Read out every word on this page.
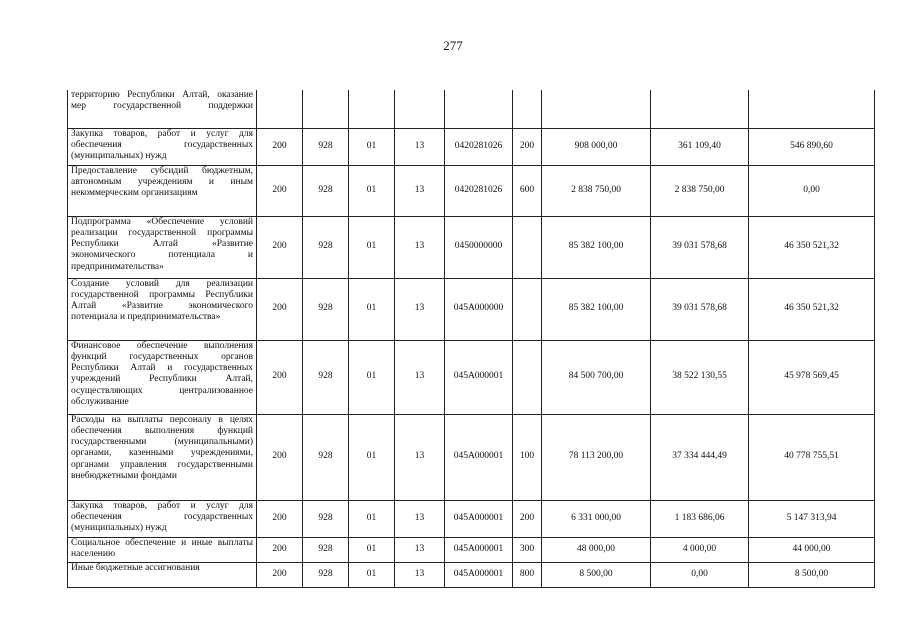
277
территорию Республики Алтай, оказание мер государственной поддержки									
Закупка товаров, работ и услуг для обеспечения государственных (муниципальных) нужд	200	928	01	13	0420281026	200	908 000,00	361 109,40	546 890,60
Предоставление субсидий бюджетным, автономным учреждениям и иным некоммерческим организациям	200	928	01	13	0420281026	600	2 838 750,00	2 838 750,00	0,00
Подпрограмма «Обеспечение условий реализации государственной программы Республики Алтай «Развитие экономического потенциала и предпринимательства»	200	928	01	13	0450000000		85 382 100,00	39 031 578,68	46 350 521,32
Создание условий для реализации государственной программы Республики Алтай «Развитие экономического потенциала и предпринимательства»	200	928	01	13	045А000000		85 382 100,00	39 031 578,68	46 350 521,32
Финансовое обеспечение выполнения функций государственных органов Республики Алтай и государственных учреждений Республики Алтай, осуществляющих централизованное обслуживание	200	928	01	13	045А000001		84 500 700,00	38 522 130,55	45 978 569,45
Расходы на выплаты персоналу в целях обеспечения выполнения функций государственными (муниципальными) органами, казенными учреждениями, органами управления государственными внебюджетными фондами	200	928	01	13	045А000001	100	78 113 200,00	37 334 444,49	40 778 755,51
Закупка товаров, работ и услуг для обеспечения государственных (муниципальных) нужд	200	928	01	13	045А000001	200	6 331 000,00	1 183 686,06	5 147 313,94
Социальное обеспечение и иные выплаты населению	200	928	01	13	045А000001	300	48 000,00	4 000,00	44 000,00
Иные бюджетные ассигнования	200	928	01	13	045А000001	800	8 500,00	0,00	8 500,00
